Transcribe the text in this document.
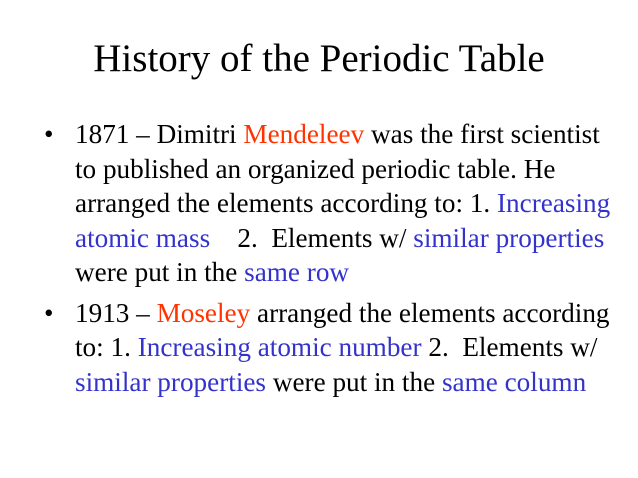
History of the Periodic Table
• 1871 – Dimitri Mendeleev was the first scientist to published an organized periodic table. He arranged the elements according to: 1. Increasing atomic mass    2.  Elements w/ similar properties were put in the same row
• 1913 – Moseley arranged the elements according to: 1. Increasing atomic number 2.  Elements w/ similar properties were put in the same column
